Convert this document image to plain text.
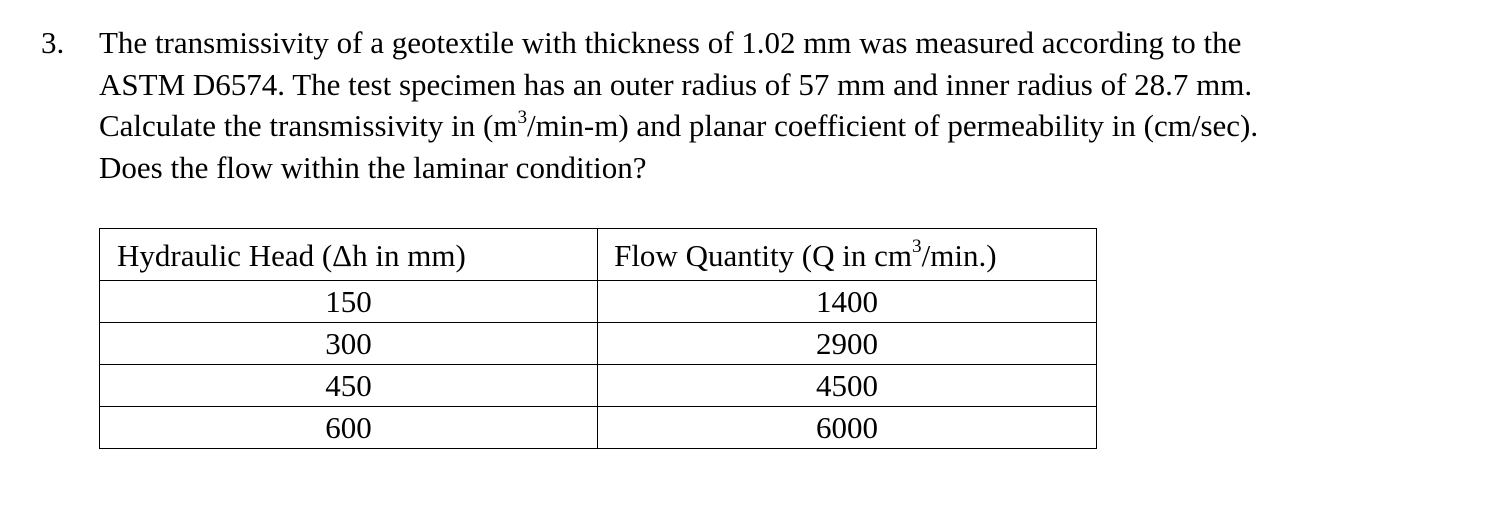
3. The transmissivity of a geotextile with thickness of 1.02 mm was measured according to the
ASTM D6574. The test specimen has an outer radius of 57 mm and inner radius of 28.7 mm.
Calculate the transmissivity in $(m^3/\min-m)$ and planar coefficient of permeability in (cm/sec).
Does the flow within the laminar condition?
Hydraulic Head (Δh in mm)	Flow Quantity (Q in $cm^3/\min$.)
150	1400
300	2900
450	4500
600	6000
